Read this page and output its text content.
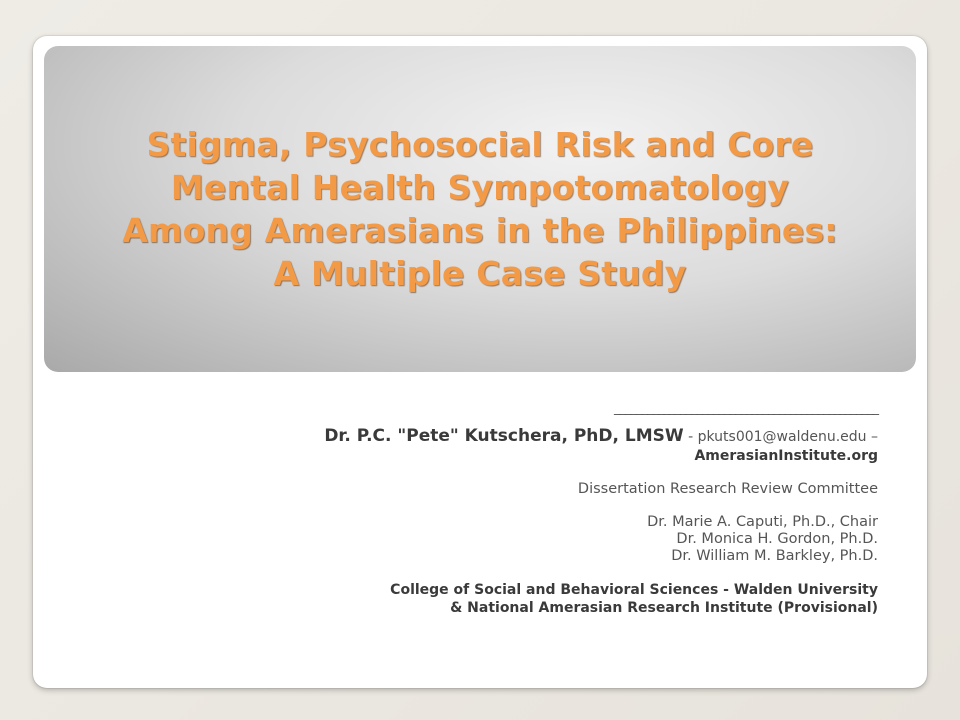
Stigma, Psychosocial Risk and Core
Mental Health Sympotomatology
Among Amerasians in the Philippines:
A Multiple Case Study
________________________________________________
Dr. P.C. "Pete" Kutschera, PhD, LMSW - pkuts001@waldenu.edu –
AmerasianInstitute.org
Dissertation Research Review Committee
Dr. Marie A. Caputi, Ph.D., Chair
Dr. Monica H. Gordon, Ph.D.
Dr. William M. Barkley, Ph.D.
College of Social and Behavioral Sciences - Walden University
& National Amerasian Research Institute (Provisional)
